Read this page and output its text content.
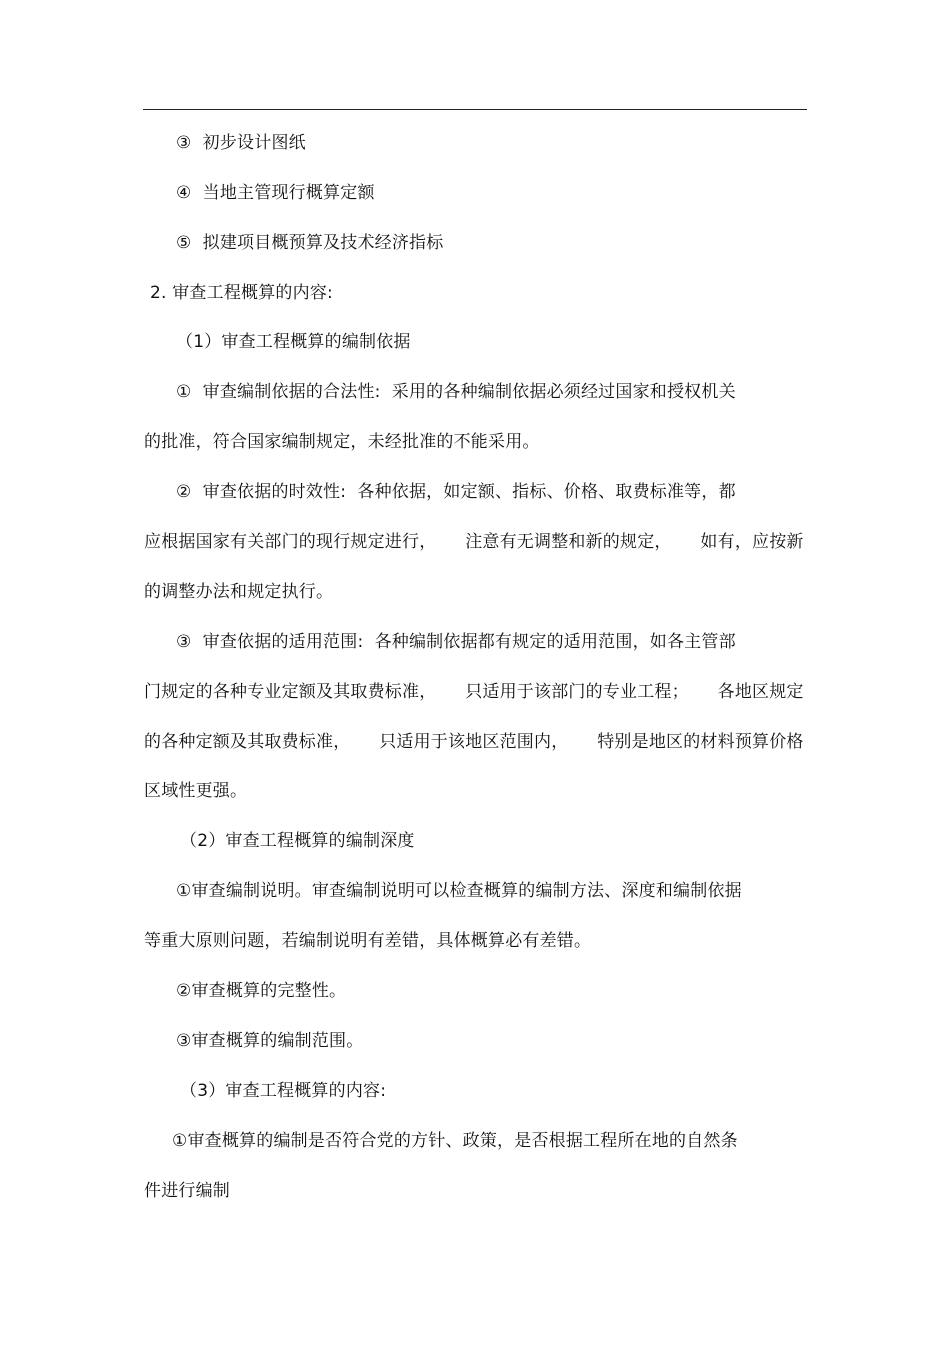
③  初步设计图纸
④  当地主管现行概算定额
⑤  拟建项目概预算及技术经济指标
2. 审查工程概算的内容:
（1）审查工程概算的编制依据
①  审查编制依据的合法性:  采用的各种编制依据必须经过国家和授权机关
的批准，符合国家编制规定，未经批准的不能采用。
②  审查依据的时效性:  各种依据，如定额、指标、价格、取费标准等，都
应根据国家有关部门的现行规定进行，   注意有无调整和新的规定，   如有，应按新
的调整办法和规定执行。
③  审查依据的适用范围:  各种编制依据都有规定的适用范围，如各主管部
门规定的各种专业定额及其取费标准，   只适用于该部门的专业工程；   各地区规定
的各种定额及其取费标准，   只适用于该地区范围内，   特别是地区的材料预算价格
区域性更强。
（2）审查工程概算的编制深度
①审查编制说明。审查编制说明可以检查概算的编制方法、深度和编制依据
等重大原则问题，若编制说明有差错，具体概算必有差错。
②审查概算的完整性。
③审查概算的编制范围。
（3）审查工程概算的内容:
①审查概算的编制是否符合党的方针、政策，是否根据工程所在地的自然条
件进行编制
